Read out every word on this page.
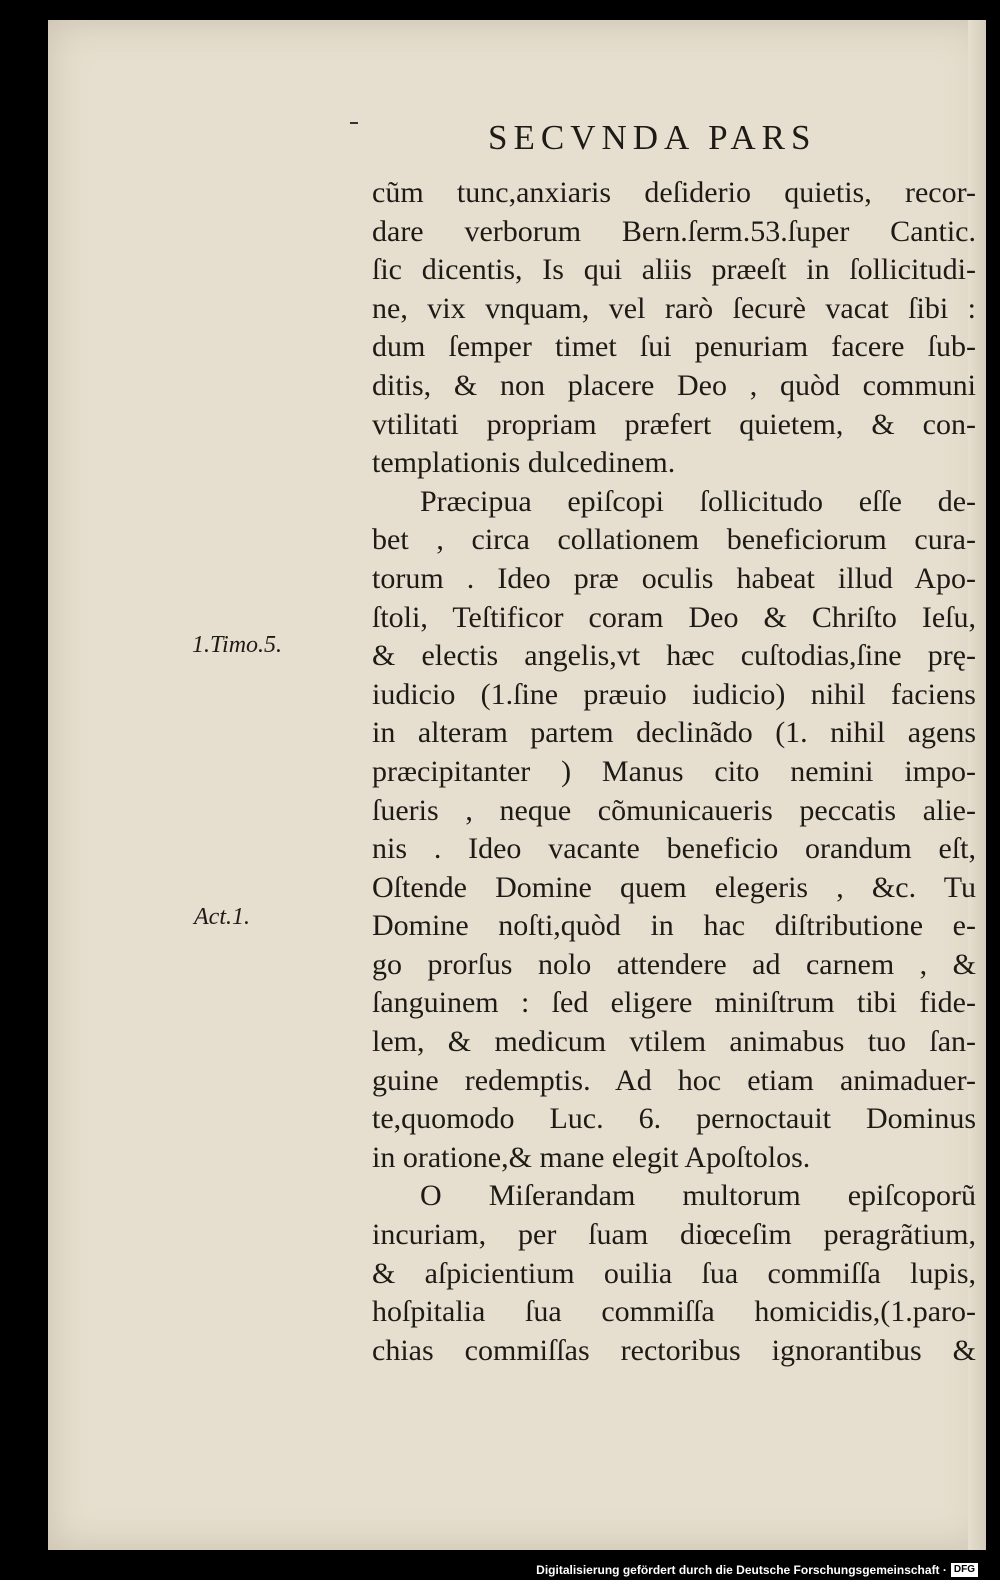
SECVNDA PARS
1.Timo.5.
Act.1.
cũm tunc,anxiaris deſiderio quietis, recor-
dare verborum Bern.ſerm.53.ſuper Cantic.
ſic dicentis, Is qui aliis præeſt in ſollicitudi-
ne, vix vnquam, vel rarò ſecurè vacat ſibi :
dum ſemper timet ſui penuriam facere ſub-
ditis, & non placere Deo , quòd communi
vtilitati propriam præfert quietem, & con-
templationis dulcedinem.
Præcipua epiſcopi ſollicitudo eſſe de-
bet , circa collationem beneficiorum cura-
torum . Ideo præ oculis habeat illud Apo-
ſtoli, Teſtificor coram Deo & Chriſto Ieſu,
& electis angelis,vt hæc cuſtodias,ſine prę-
iudicio (1.ſine præuio iudicio) nihil faciens
in alteram partem declinãdo (1. nihil agens
præcipitanter ) Manus cito nemini impo-
ſueris , neque cõmunicaueris peccatis alie-
nis . Ideo vacante beneficio orandum eſt,
Oſtende Domine quem elegeris , &c. Tu
Domine noſti,quòd in hac diſtributione e-
go prorſus nolo attendere ad carnem , &
ſanguinem : ſed eligere miniſtrum tibi fide-
lem, & medicum vtilem animabus tuo ſan-
guine redemptis. Ad hoc etiam animaduer-
te,quomodo Luc. 6. pernoctauit Dominus
in oratione,& mane elegit Apoſtolos.
O Miſerandam multorum epiſcoporũ
incuriam, per ſuam diœceſim peragrãtium,
& aſpicientium ouilia ſua commiſſa lupis,
hoſpitalia ſua commiſſa homicidis,(1.paro-
chias commiſſas rectoribus ignorantibus &
Digitalisierung gefördert durch die Deutsche Forschungsgemeinschaft · DFG
